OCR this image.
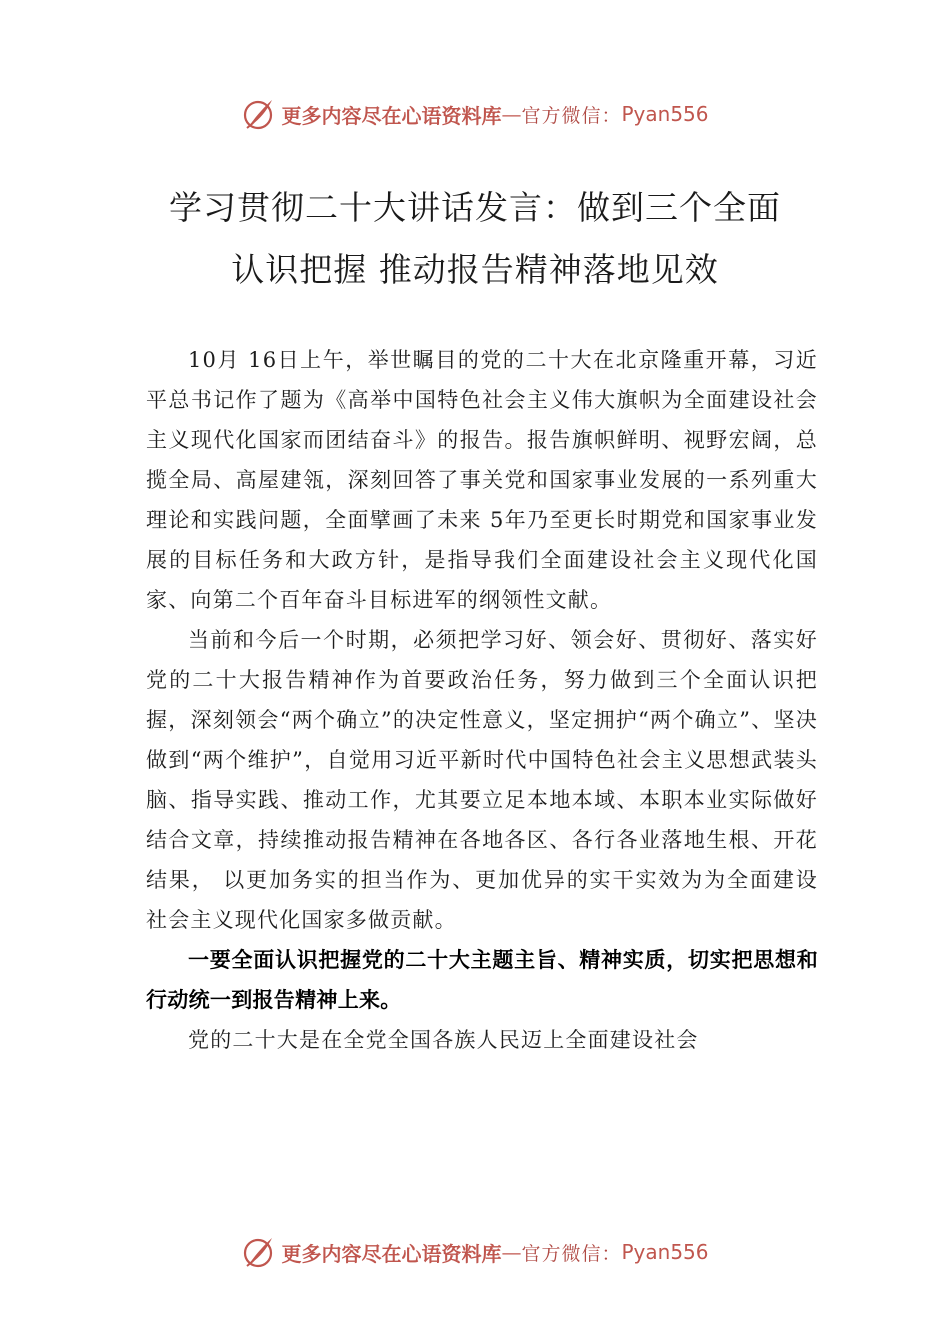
更多内容尽在心语资料库 — 官方微信： Pyan556
学习贯彻二十大讲话发言：做到三个全面
认识把握 推动报告精神落地见效

10月 16日上午，举世瞩目的党的二十大在北京隆重开幕，习近平总书记作了题为《高举中国特色社会主义伟大旗帜为全面建设社会主义现代化国家而团结奋斗》的报告。报告旗帜鲜明、视野宏阔，总揽全局、高屋建瓴，深刻回答了事关党和国家事业发展的一系列重大理论和实践问题，全面擘画了未来 5年乃至更长时期党和国家事业发展的目标任务和大政方针，是指导我们全面建设社会主义现代化国家、向第二个百年奋斗目标进军的纲领性文献。

当前和今后一个时期，必须把学习好、领会好、贯彻好、落实好党的二十大报告精神作为首要政治任务，努力做到三个全面认识把握，深刻领会“两个确立”的决定性意义，坚定拥护“两个确立”、坚决做到“两个维护”，自觉用习近平新时代中国特色社会主义思想武装头脑、指导实践、推动工作，尤其要立足本地本域、本职本业实际做好结合文章，持续推动报告精神在各地各区、各行各业落地生根、开花结果， 以更加务实的担当作为、更加优异的实干实效为为全面建设社会主义现代化国家多做贡献。

一要全面认识把握党的二十大主题主旨、精神实质，切实把思想和行动统一到报告精神上来。

党的二十大是在全党全国各族人民迈上全面建设社会

更多内容尽在心语资料库 — 官方微信： Pyan556
